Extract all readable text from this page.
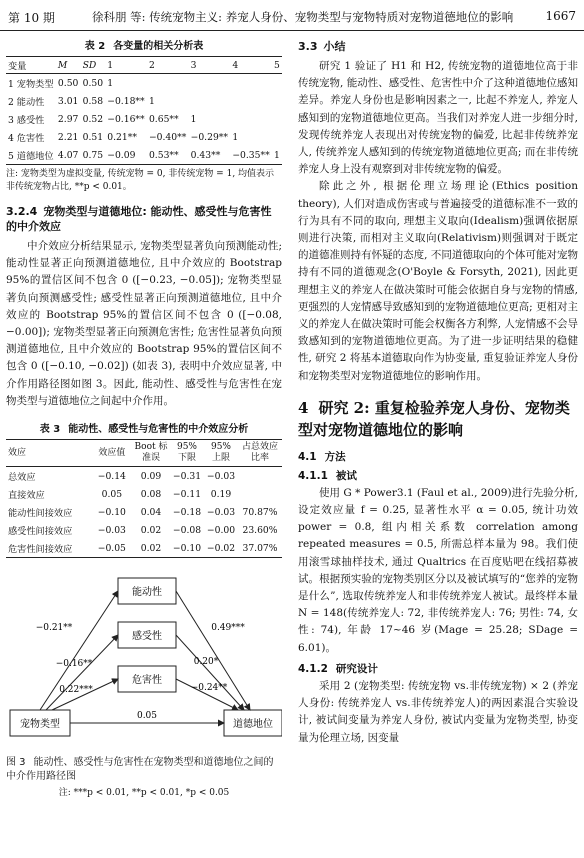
第 10 期	徐科朋 等: 传统宠物主义: 养宠人身份、宠物类型与宠物特质对宠物道德地位的影响	1667
表 2 各变量的相关分析表
变量	M	SD	1	2	3	4	5
1 宠物类型	0.50	0.50	1				
2 能动性	3.01	0.58	−0.18**	1			
3 感受性	2.97	0.52	−0.16**	0.65**	1		
4 危害性	2.21	0.51	0.21**	−0.40**	−0.29**	1	
5 道德地位	4.07	0.75	−0.09	0.53**	0.43**	−0.35**	1
注: 宠物类型为虚拟变量, 传统宠物 = 0, 非传统宠物 = 1, 均值表示非传统宠物占比, **p < 0.01。
3.2.4 宠物类型与道德地位: 能动性、感受性与危害性的中介效应

中介效应分析结果显示, 宠物类型显著负向预测能动性; 能动性显著正向预测道德地位, 且中介效应的 Bootstrap 95%的置信区间不包含 0 ([−0.23, −0.05]); 宠物类型显著负向预测感受性; 感受性显著正向预测道德地位, 且中介效应的 Bootstrap 95%的置信区间不包含 0 ([−0.08, −0.00]); 宠物类型显著正向预测危害性; 危害性显著负向预测道德地位, 且中介效应的 Bootstrap 95%的置信区间不包含 0 ([−0.10, −0.02]) (如表 3), 表明中介效应显著, 中介作用路径图如图 3。因此, 能动性、感受性与危害性在宠物类型与道德地位之间起中介作用。

表 3 能动性、感受性与危害性的中介效应分析
效应	效应值	Boot 标准误	95% 下限	95% 上限	占总效应比率
总效应	−0.14	0.09	−0.31	−0.03	
直接效应	0.05	0.08	−0.11	0.19	
能动性间接效应	−0.10	0.04	−0.18	−0.03	70.87%
感受性间接效应	−0.03	0.02	−0.08	−0.00	23.60%
危害性间接效应	−0.05	0.02	−0.10	−0.02	37.07%
能动性
感受性
危害性
宠物类型	道德地位
−0.21**
−0.16**
0.22***
0.49***
0.20*
−0.24**
0.05
图 3 能动性、感受性与危害性在宠物类型和道德地位之间的中介作用路径图
注: ***p < 0.01, **p < 0.01, *p < 0.05
3.3 小结

研究 1 验证了 H1 和 H2, 传统宠物的道德地位高于非传统宠物, 能动性、感受性、危害性中介了这种道德地位感知差异。养宠人身份也是影响因素之一, 比起不养宠人, 养宠人感知到的宠物道德地位更高。当我们对养宠人进一步细分时, 发现传统养宠人表现出对传统宠物的偏爱, 比起非传统养宠人, 传统养宠人感知到的传统宠物道德地位更高; 而在非传统养宠人身上没有观察到对非传统宠物的偏爱。

除此之外, 根据伦理立场理论(Ethics position theory), 人们对造成伤害或与普遍接受的道德标准不一致的行为具有不同的取向, 理想主义取向(Idealism)强调依据原则进行决策, 而相对主义取向(Relativism)则强调对于既定的道德准则持有怀疑的态度, 不同道德取向的个体可能对宠物持有不同的道德观念(O'Boyle & Forsyth, 2021), 因此更理想主义的养宠人在做决策时可能会依据自身与宠物的情感, 更强烈的人宠情感导致感知到的宠物道德地位更高; 更相对主义的养宠人在做决策时可能会权衡各方利弊, 人宠情感不会导致感知到的宠物道德地位更高。为了进一步证明结果的稳健性, 研究 2 将基本道德取向作为协变量, 重复验证养宠人身份和宠物类型对宠物道德地位的影响作用。

4 研究 2: 重复检验养宠人身份、宠物类型对宠物道德地位的影响
4.1 方法
4.1.1 被试

使用 G * Power3.1 (Faul et al., 2009)进行先验分析, 设定效应量 f = 0.25, 显著性水平 α = 0.05, 统计功效 power = 0.8, 组内相关系数 correlation among repeated measures = 0.5, 所需总样本量为 98。我们使用滚雪球抽样技术, 通过 Qualtrics 在百度贴吧在线招募被试。根据预实验的宠物类别区分以及被试填写的“您养的宠物是什么”, 选取传统养宠人和非传统养宠人被试。最终样本量 N = 148(传统养宠人: 72, 非传统养宠人: 76; 男性: 74, 女性: 74), 年龄 17~46 岁(Mage = 25.28; SDage = 6.01)。

4.1.2 研究设计

采用 2 (宠物类型: 传统宠物 vs.非传统宠物) × 2 (养宠人身份: 传统养宠人 vs.非传统养宠人)的两因素混合实验设计, 被试间变量为养宠人身份, 被试内变量为宠物类型, 协变量为伦理立场, 因变量
